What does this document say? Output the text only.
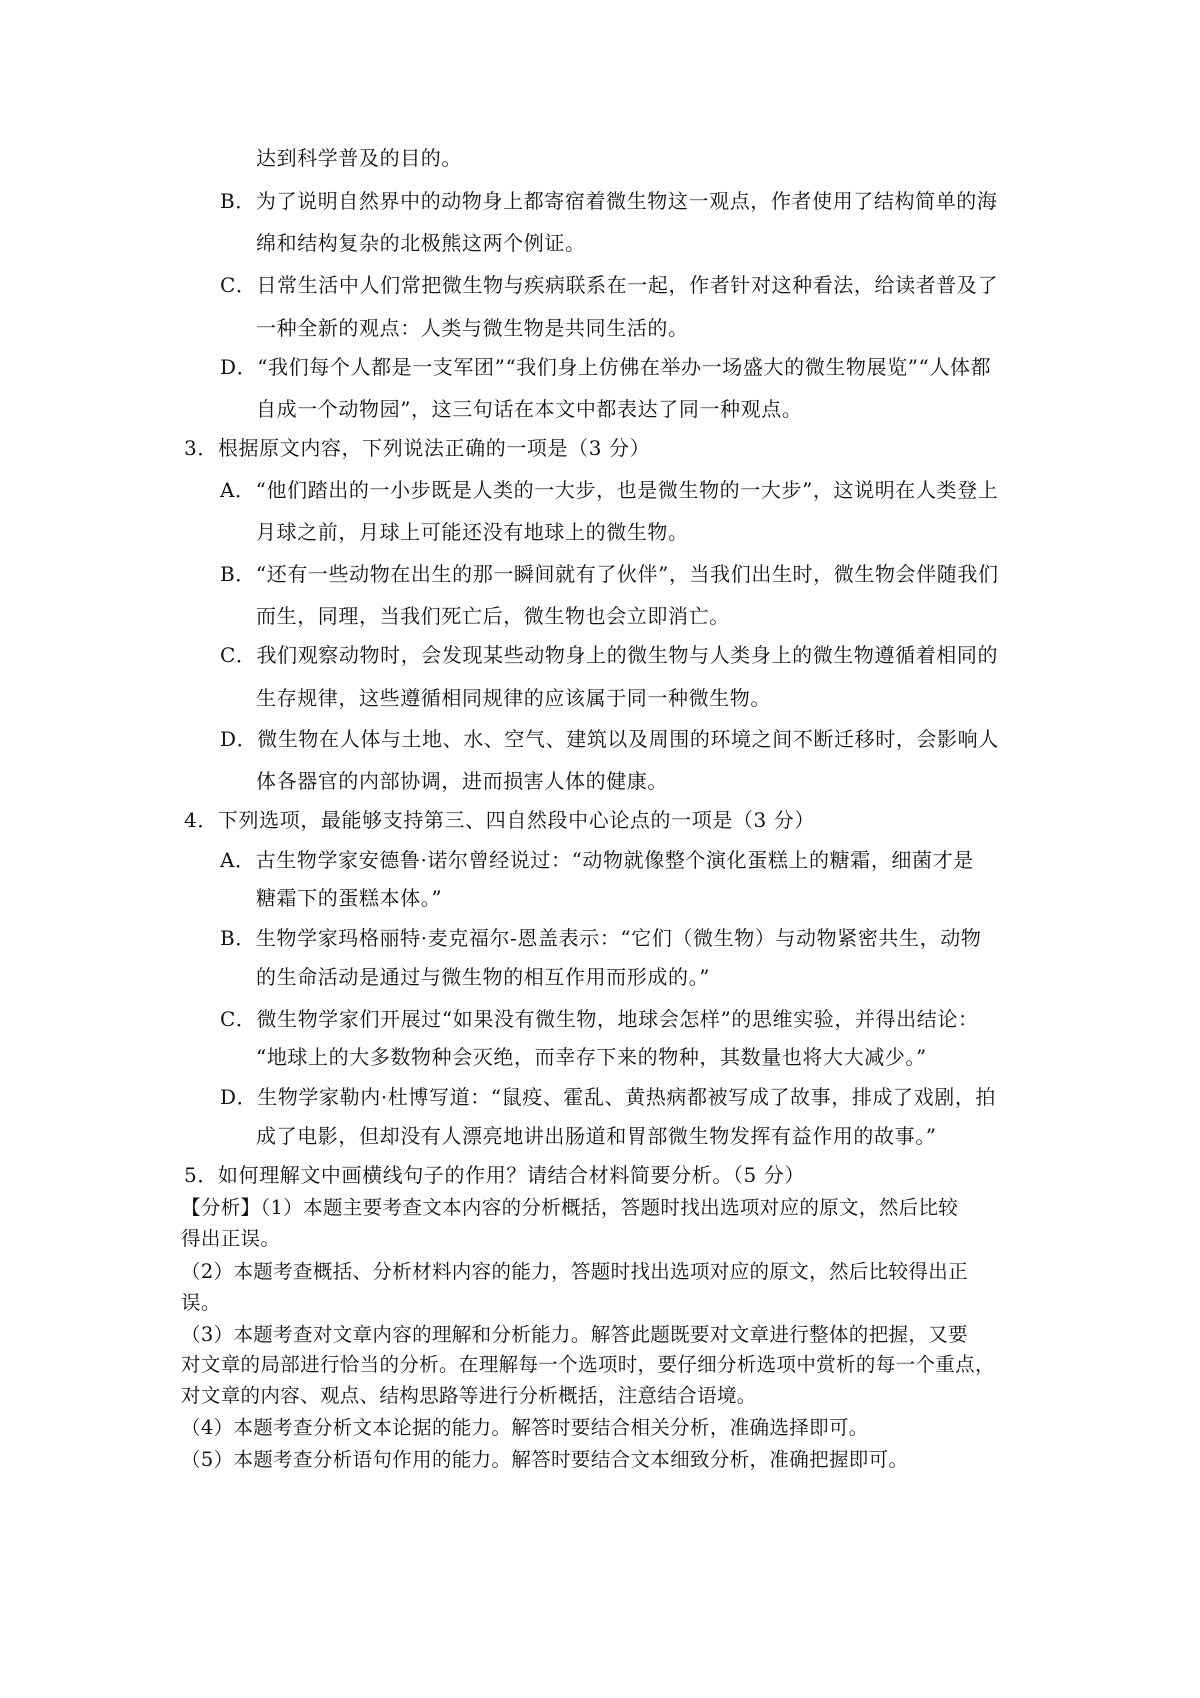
达到科学普及的目的。
B．为了说明自然界中的动物身上都寄宿着微生物这一观点，作者使用了结构简单的海
绵和结构复杂的北极熊这两个例证。
C．日常生活中人们常把微生物与疾病联系在一起，作者针对这种看法，给读者普及了
一种全新的观点：人类与微生物是共同生活的。
D．“我们每个人都是一支军团”“我们身上仿佛在举办一场盛大的微生物展览”“人体都
自成一个动物园”，这三句话在本文中都表达了同一种观点。
3．根据原文内容，下列说法正确的一项是（3 分）
A．“他们踏出的一小步既是人类的一大步，也是微生物的一大步”，这说明在人类登上
月球之前，月球上可能还没有地球上的微生物。
B．“还有一些动物在出生的那一瞬间就有了伙伴”，当我们出生时，微生物会伴随我们
而生，同理，当我们死亡后，微生物也会立即消亡。
C．我们观察动物时，会发现某些动物身上的微生物与人类身上的微生物遵循着相同的
生存规律，这些遵循相同规律的应该属于同一种微生物。
D．微生物在人体与土地、水、空气、建筑以及周围的环境之间不断迁移时，会影响人
体各器官的内部协调，进而损害人体的健康。
4．下列选项，最能够支持第三、四自然段中心论点的一项是（3 分）
A．古生物学家安德鲁·诺尔曾经说过：“动物就像整个演化蛋糕上的糖霜，细菌才是
糖霜下的蛋糕本体。”
B．生物学家玛格丽特·麦克福尔-恩盖表示：“它们（微生物）与动物紧密共生，动物
的生命活动是通过与微生物的相互作用而形成的。”
C．微生物学家们开展过“如果没有微生物，地球会怎样”的思维实验，并得出结论：
“地球上的大多数物种会灭绝，而幸存下来的物种，其数量也将大大减少。”
D．生物学家勒内·杜博写道：“鼠疫、霍乱、黄热病都被写成了故事，排成了戏剧，拍
成了电影，但却没有人漂亮地讲出肠道和胃部微生物发挥有益作用的故事。”
5．如何理解文中画横线句子的作用？请结合材料简要分析。（5 分）
【分析】（1）本题主要考查文本内容的分析概括，答题时找出选项对应的原文，然后比较
得出正误。
（2）本题考查概括、分析材料内容的能力，答题时找出选项对应的原文，然后比较得出正
误。
（3）本题考查对文章内容的理解和分析能力。解答此题既要对文章进行整体的把握，又要
对文章的局部进行恰当的分析。在理解每一个选项时，要仔细分析选项中赏析的每一个重点，
对文章的内容、观点、结构思路等进行分析概括，注意结合语境。
（4）本题考查分析文本论据的能力。解答时要结合相关分析，准确选择即可。
（5）本题考查分析语句作用的能力。解答时要结合文本细致分析，准确把握即可。
